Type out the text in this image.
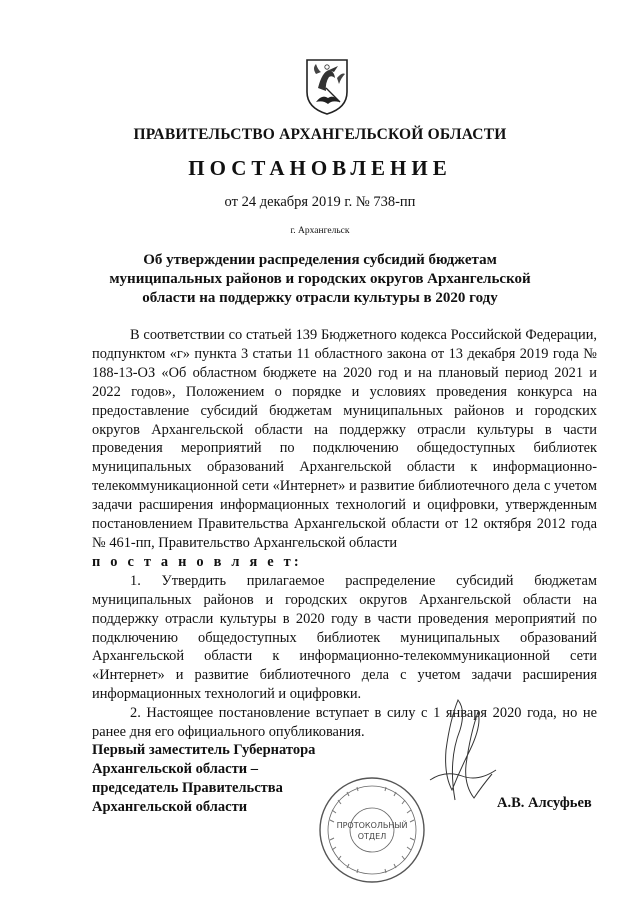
ПРАВИТЕЛЬСТВО АРХАНГЕЛЬСКОЙ ОБЛАСТИ
ПОСТАНОВЛЕНИЕ
от 24 декабря 2019 г. № 738-пп
г. Архангельск
Об утверждении распределения субсидий бюджетам
муниципальных районов и городских округов Архангельской
области на поддержку отрасли культуры в 2020 году

В соответствии со статьей 139 Бюджетного кодекса Российской Федерации, подпунктом «г» пункта 3 статьи 11 областного закона от 13 декабря 2019 года № 188-13-ОЗ «Об областном бюджете на 2020 год и на плановый период 2021 и 2022 годов», Положением о порядке и условиях проведения конкурса на предоставление субсидий бюджетам муниципальных районов и городских округов Архангельской области на поддержку отрасли культуры в части проведения мероприятий по подключению общедоступных библиотек муниципальных образований Архангельской области к информационно-телекоммуникационной сети «Интернет» и развитие библиотечного дела с учетом задачи расширения информационных технологий и оцифровки, утвержденным постановлением Правительства Архангельской области от 12 октября 2012 года № 461-пп, Правительство Архангельской области

п о с т а н о в л я е т:

1. Утвердить прилагаемое распределение субсидий бюджетам муниципальных районов и городских округов Архангельской области на поддержку отрасли культуры в 2020 году в части проведения мероприятий по подключению общедоступных библиотек муниципальных образований Архангельской области к информационно-телекоммуникационной сети «Интернет» и развитие библиотечного дела с учетом задачи расширения информационных технологий и оцифровки.

2. Настоящее постановление вступает в силу с 1 января 2020 года, но не ранее дня его официального опубликования.

Первый заместитель Губернатора
Архангельской области –
председатель Правительства
Архангельской области
ПРОТОКОЛЬНЫЙ
ОТДЕЛ
А.В. Алсуфьев
